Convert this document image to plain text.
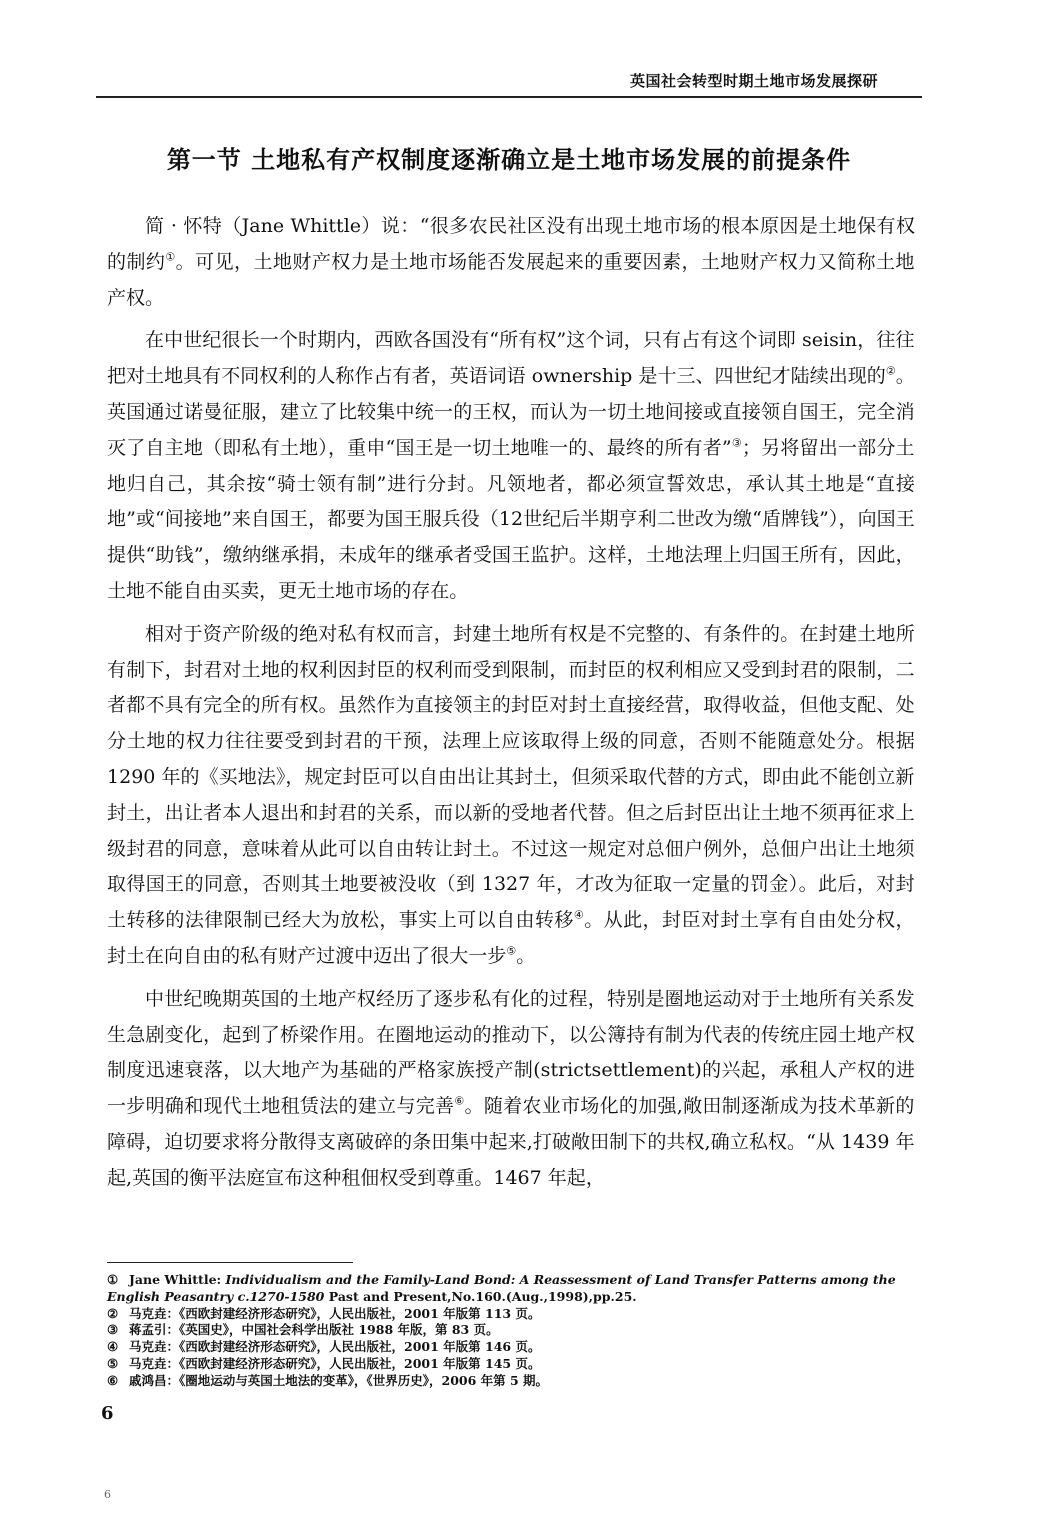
英国社会转型时期土地市场发展探研
第一节 土地私有产权制度逐渐确立是土地市场发展的前提条件

简 · 怀特（Jane Whittle）说：“很多农民社区没有出现土地市场的根本原因是土地保有权的制约①。可见，土地财产权力是土地市场能否发展起来的重要因素，土地财产权力又简称土地产权。

在中世纪很长一个时期内，西欧各国没有“所有权”这个词，只有占有这个词即 seisin，往往把对土地具有不同权利的人称作占有者，英语词语 ownership 是十三、四世纪才陆续出现的②。英国通过诺曼征服，建立了比较集中统一的王权，而认为一切土地间接或直接领自国王，完全消灭了自主地（即私有土地），重申“国王是一切土地唯一的、最终的所有者”③；另将留出一部分土地归自己，其余按“骑士领有制”进行分封。凡领地者，都必须宣誓效忠，承认其土地是“直接地”或“间接地”来自国王，都要为国王服兵役（12世纪后半期亨利二世改为缴“盾牌钱”），向国王提供“助钱”，缴纳继承捐，未成年的继承者受国王监护。这样，土地法理上归国王所有，因此，土地不能自由买卖，更无土地市场的存在。

相对于资产阶级的绝对私有权而言，封建土地所有权是不完整的、有条件的。在封建土地所有制下，封君对土地的权利因封臣的权利而受到限制，而封臣的权利相应又受到封君的限制，二者都不具有完全的所有权。虽然作为直接领主的封臣对封土直接经营，取得收益，但他支配、处分土地的权力往往要受到封君的干预，法理上应该取得上级的同意，否则不能随意处分。根据 1290 年的《买地法》，规定封臣可以自由出让其封土，但须采取代替的方式，即由此不能创立新封土，出让者本人退出和封君的关系，而以新的受地者代替。但之后封臣出让土地不须再征求上级封君的同意，意味着从此可以自由转让封土。不过这一规定对总佃户例外，总佃户出让土地须取得国王的同意，否则其土地要被没收（到 1327 年，才改为征取一定量的罚金）。此后，对封土转移的法律限制已经大为放松，事实上可以自由转移④。从此，封臣对封土享有自由处分权，封土在向自由的私有财产过渡中迈出了很大一步⑤。

中世纪晚期英国的土地产权经历了逐步私有化的过程，特别是圈地运动对于土地所有关系发生急剧变化，起到了桥梁作用。在圈地运动的推动下，以公簿持有制为代表的传统庄园土地产权制度迅速衰落，以大地产为基础的严格家族授产制(strictsettlement)的兴起，承租人产权的进一步明确和现代土地租赁法的建立与完善⑥。随着农业市场化的加强,敞田制逐渐成为技术革新的障碍，迫切要求将分散得支离破碎的条田集中起来,打破敞田制下的共权,确立私权。“从 1439 年起,英国的衡平法庭宣布这种租佃权受到尊重。1467 年起，

① Jane Whittle: Individualism and the Family-Land Bond: A Reassessment of Land Transfer Patterns among the English Peasantry c.1270-1580 Past and Present,No.160.(Aug.,1998),pp.25.

② 马克垚：《西欧封建经济形态研究》，人民出版社，2001 年版第 113 页。

③ 蒋孟引：《英国史》，中国社会科学出版社 1988 年版，第 83 页。

④ 马克垚：《西欧封建经济形态研究》，人民出版社，2001 年版第 146 页。

⑤ 马克垚：《西欧封建经济形态研究》，人民出版社，2001 年版第 145 页。

⑥ 戚鸿昌：《圈地运动与英国土地法的变革》，《世界历史》，2006 年第 5 期。

6
6
